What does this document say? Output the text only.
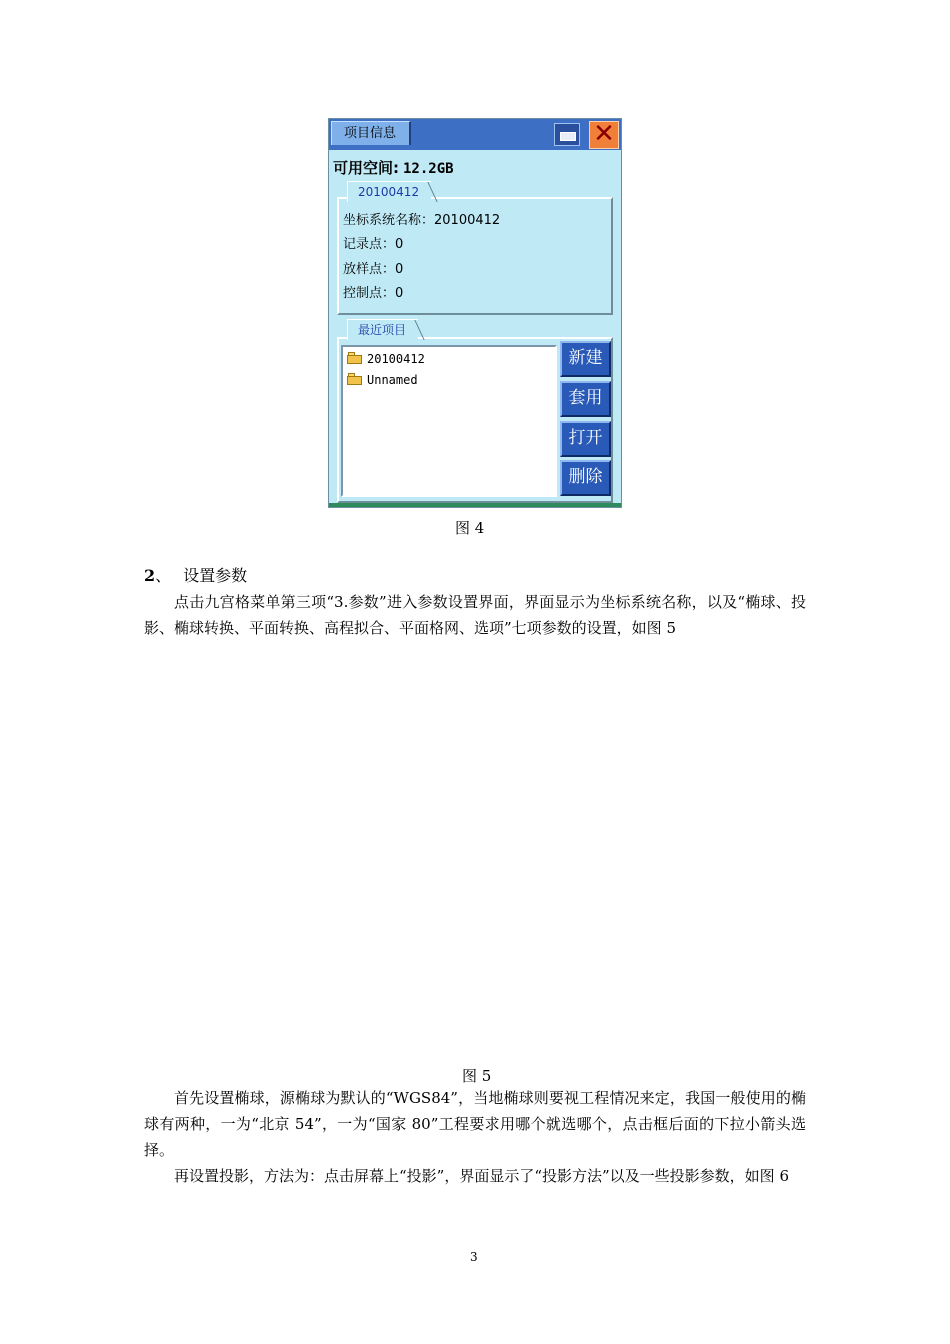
项目信息	✕
可用空间: 12.2GB
20100412
坐标系统名称：20100412
记录点：0
放样点：0
控制点：0
最近项目
20100412
Unnamed
新建
套用
打开
删除
图 4
2、 设置参数

点击九宫格菜单第三项“3.参数”进入参数设置界面，界面显示为坐标系统名称，以及“椭球、投影、椭球转换、平面转换、高程拟合、平面格网、选项”七项参数的设置，如图 5

图 5

首先设置椭球，源椭球为默认的“WGS84”，当地椭球则要视工程情况来定，我国一般使用的椭球有两种，一为“北京 54”，一为“国家 80”工程要求用哪个就选哪个，点击框后面的下拉小箭头选择。

再设置投影，方法为：点击屏幕上“投影”，界面显示了“投影方法”以及一些投影参数，如图 6

3
